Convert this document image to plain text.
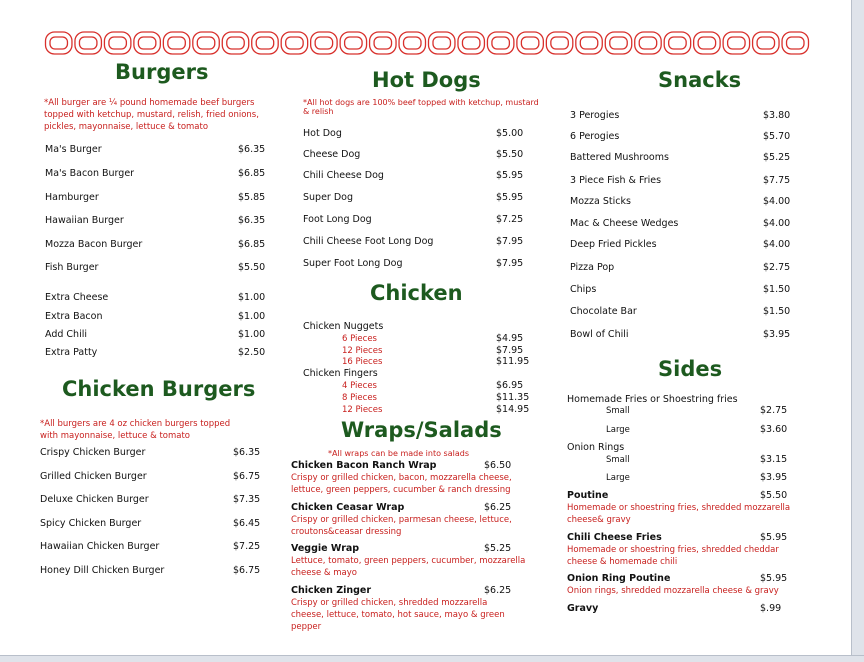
Burgers
*All burger are ¼ pound homemade beef burgers topped with ketchup, mustard, relish, fried onions, pickles, mayonnaise, lettuce & tomato
Ma's Burger	$6.35
Ma's Bacon Burger	$6.85
Hamburger	$5.85
Hawaiian Burger	$6.35
Mozza Bacon Burger	$6.85
Fish Burger	$5.50
Extra Cheese	$1.00
Extra Bacon	$1.00
Add Chili	$1.00
Extra Patty	$2.50
Chicken Burgers
*All burgers are 4 oz chicken burgers topped with mayonnaise, lettuce & tomato
Crispy Chicken Burger	$6.35
Grilled Chicken Burger	$6.75
Deluxe Chicken Burger	$7.35
Spicy Chicken Burger	$6.45
Hawaiian Chicken Burger	$7.25
Honey Dill Chicken Burger	$6.75
Hot Dogs
*All hot dogs are 100% beef topped with ketchup, mustard & relish
Hot Dog	$5.00
Cheese Dog	$5.50
Chili Cheese Dog	$5.95
Super Dog	$5.95
Foot Long Dog	$7.25
Chili Cheese Foot Long Dog	$7.95
Super Foot Long Dog	$7.95
Chicken
Chicken Nuggets
6 Pieces	$4.95
12 Pieces	$7.95
16 Pieces	$11.95
Chicken Fingers
4 Pieces	$6.95
8 Pieces	$11.35
12 Pieces	$14.95
Wraps/Salads
*All wraps can be made into salads
Chicken Bacon Ranch Wrap	$6.50
Crispy or grilled chicken, bacon, mozzarella cheese, lettuce, green peppers, cucumber & ranch dressing
Chicken Ceasar Wrap	$6.25
Crispy or grilled chicken, parmesan cheese, lettuce, croutons&ceasar dressing
Veggie Wrap	$5.25
Lettuce, tomato, green peppers, cucumber, mozzarella cheese & mayo
Chicken Zinger	$6.25
Crispy or grilled chicken, shredded mozzarella cheese, lettuce, tomato, hot sauce, mayo & green pepper
Snacks
3 Perogies	$3.80
6 Perogies	$5.70
Battered Mushrooms	$5.25
3 Piece Fish & Fries	$7.75
Mozza Sticks	$4.00
Mac & Cheese Wedges	$4.00
Deep Fried Pickles	$4.00
Pizza Pop	$2.75
Chips	$1.50
Chocolate Bar	$1.50
Bowl of Chili	$3.95
Sides
Homemade Fries or Shoestring fries
Small	$2.75
Large	$3.60
Onion Rings
Small	$3.15
Large	$3.95
Poutine	$5.50
Homemade or shoestring fries, shredded mozzarella cheese& gravy
Chili Cheese Fries	$5.95
Homemade or shoestring fries, shredded cheddar cheese & homemade chili
Onion Ring Poutine	$5.95
Onion rings, shredded mozzarella cheese & gravy
Gravy	$.99
